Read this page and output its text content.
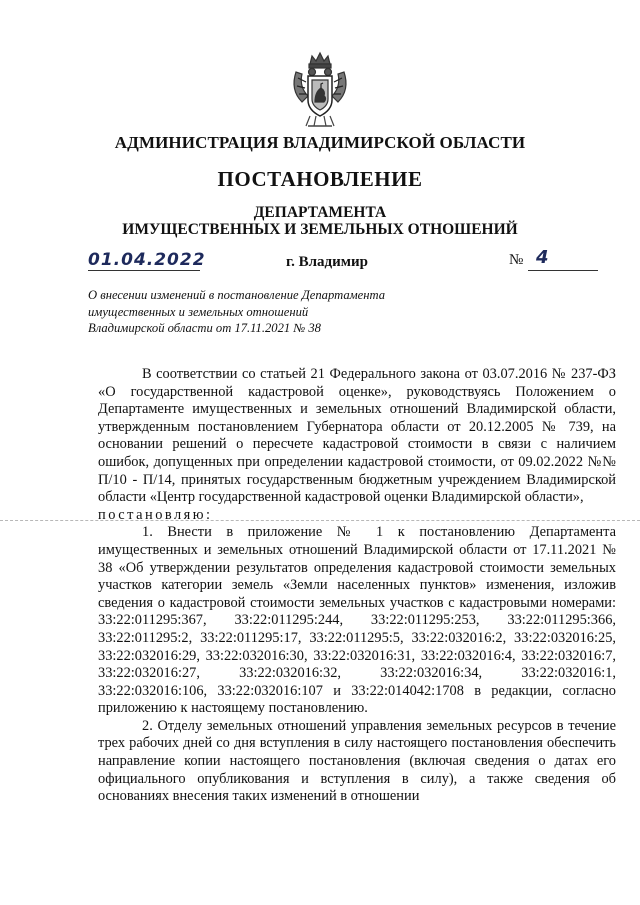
АДМИНИСТРАЦИЯ ВЛАДИМИРСКОЙ ОБЛАСТИ
ПОСТАНОВЛЕНИЕ
ДЕПАРТАМЕНТА
ИМУЩЕСТВЕННЫХ И ЗЕМЕЛЬНЫХ ОТНОШЕНИЙ
01.04.2022	г. Владимир	№ 4
О внесении изменений в постановление Департамента
имущественных и земельных отношений
Владимирской области от 17.11.2021 № 38

В соответствии со статьей 21 Федерального закона от 03.07.2016 № 237-ФЗ «О государственной кадастровой оценке», руководствуясь Положением о Департаменте имущественных и земельных отношений Владимирской области, утвержденным постановлением Губернатора области от 20.12.2005 № 739, на основании решений о пересчете кадастровой стоимости в связи с наличием ошибок, допущенных при определении кадастровой стоимости, от 09.02.2022 №№ П/10 - П/14, принятых государственным бюджетным учреждением Владимирской области «Центр государственной кадастровой оценки Владимирской области»,

постановляю:

1. Внести в приложение № 1 к постановлению Департамента имущественных и земельных отношений Владимирской области от 17.11.2021 № 38 «Об утверждении результатов определения кадастровой стоимости земельных участков категории земель «Земли населенных пунктов» изменения, изложив сведения о кадастровой стоимости земельных участков с кадастровыми номерами: 33:22:011295:367, 33:22:011295:244, 33:22:011295:253, 33:22:011295:366, 33:22:011295:2, 33:22:011295:17, 33:22:011295:5, 33:22:032016:2, 33:22:032016:25, 33:22:032016:29, 33:22:032016:30, 33:22:032016:31, 33:22:032016:4, 33:22:032016:7, 33:22:032016:27, 33:22:032016:32, 33:22:032016:34, 33:22:032016:1, 33:22:032016:106, 33:22:032016:107 и 33:22:014042:1708 в редакции, согласно приложению к настоящему постановлению.

2. Отделу земельных отношений управления земельных ресурсов в течение трех рабочих дней со дня вступления в силу настоящего постановления обеспечить направление копии настоящего постановления (включая сведения о датах его официального опубликования и вступления в силу), а также сведения об основаниях внесения таких изменений в отношении
